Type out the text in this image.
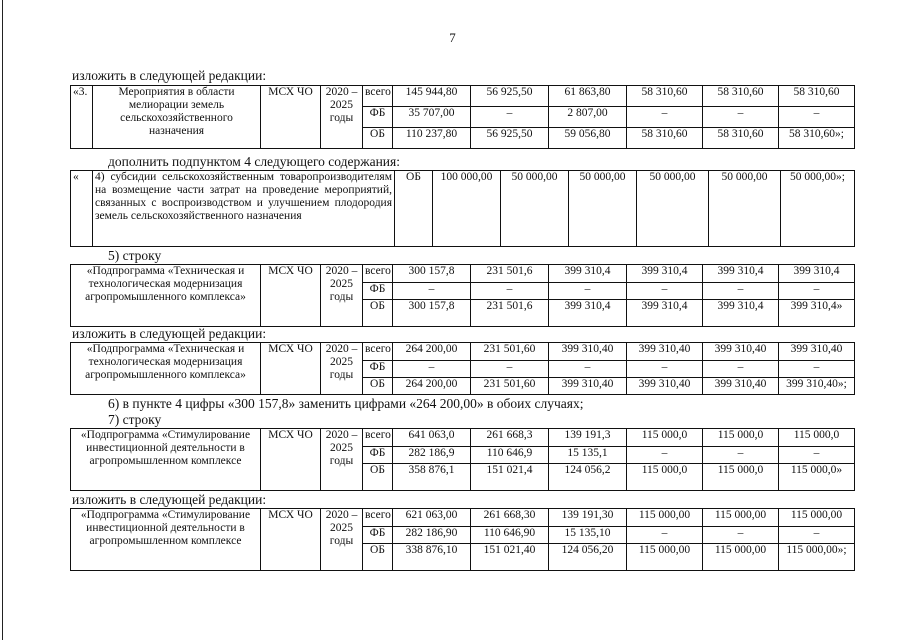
7
изложить в следующей редакции:
«3.	Мероприятия в области мелиорации земель сельскохозяйственного назначения	МСХ ЧО	2020 – 2025 годы	всего	145 944,80	56 925,50	61 863,80	58 310,60	58 310,60	58 310,60
				ФБ	35 707,00	–	2 807,00	–	–	–
				ОБ	110 237,80	56 925,50	59 056,80	58 310,60	58 310,60	58 310,60»;
дополнить подпунктом 4 следующего содержания:
«	4) субсидии сельскохозяйственным товаропроизводителям на возмещение части затрат на проведение мероприятий, связанных с воспроизводством и улучшением плодородия земель сельскохозяйственного назначения	ОБ	100 000,00	50 000,00	50 000,00	50 000,00	50 000,00	50 000,00»;
5) строку
«Подпрограмма «Техническая и технологическая модернизация агропромышленного комплекса»	МСХ ЧО	2020 – 2025 годы	всего	300 157,8	231 501,6	399 310,4	399 310,4	399 310,4	399 310,4
			ФБ	–	–	–	–	–	–
			ОБ	300 157,8	231 501,6	399 310,4	399 310,4	399 310,4	399 310,4»
изложить в следующей редакции:
«Подпрограмма «Техническая и технологическая модернизация агропромышленного комплекса»	МСХ ЧО	2020 – 2025 годы	всего	264 200,00	231 501,60	399 310,40	399 310,40	399 310,40	399 310,40
			ФБ	–	–	–	–	–	–
			ОБ	264 200,00	231 501,60	399 310,40	399 310,40	399 310,40	399 310,40»;
6) в пункте 4 цифры «300 157,8» заменить цифрами «264 200,00» в обоих случаях;
7) строку
«Подпрограмма «Стимулирование инвестиционной деятельности в агропромышленном комплексе	МСХ ЧО	2020 – 2025 годы	всего	641 063,0	261 668,3	139 191,3	115 000,0	115 000,0	115 000,0
			ФБ	282 186,9	110 646,9	15 135,1	–	–	–
			ОБ	358 876,1	151 021,4	124 056,2	115 000,0	115 000,0	115 000,0»
изложить в следующей редакции:
«Подпрограмма «Стимулирование инвестиционной деятельности в агропромышленном комплексе	МСХ ЧО	2020 – 2025 годы	всего	621 063,00	261 668,30	139 191,30	115 000,00	115 000,00	115 000,00
			ФБ	282 186,90	110 646,90	15 135,10	–	–	–
			ОБ	338 876,10	151 021,40	124 056,20	115 000,00	115 000,00	115 000,00»;
